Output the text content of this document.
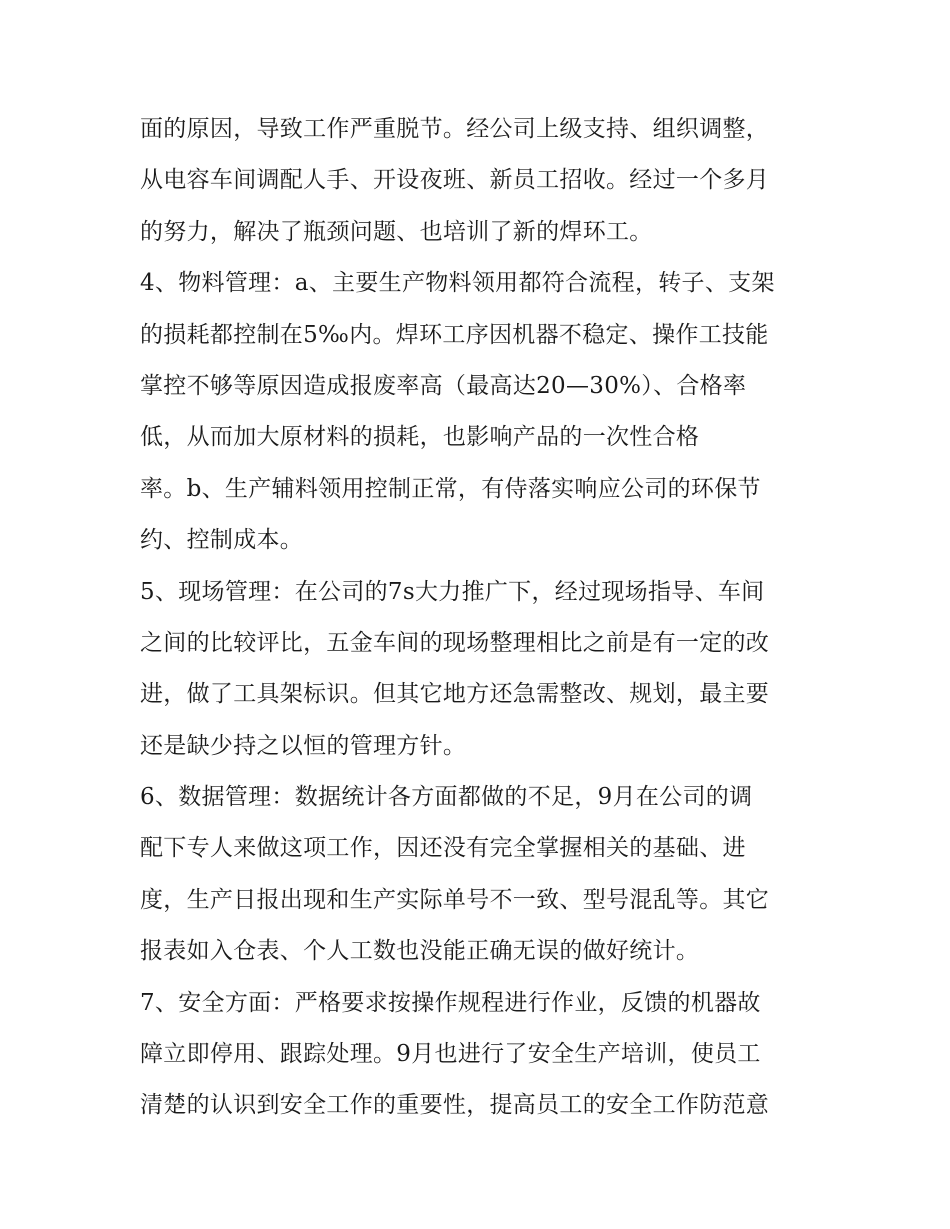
面的原因，导致工作严重脱节。经公司上级支持、组织调整，
从电容车间调配人手、开设夜班、新员工招收。经过一个多月
的努力，解决了瓶颈问题、也培训了新的焊环工。
4、物料管理：a、主要生产物料领用都符合流程，转子、支架
的损耗都控制在5‰内。焊环工序因机器不稳定、操作工技能
掌控不够等原因造成报废率高（最高达20—30%）、合格率
低，从而加大原材料的损耗，也影响产品的一次性合格
率。b、生产辅料领用控制正常，有侍落实响应公司的环保节
约、控制成本。
5、现场管理：在公司的7s大力推广下，经过现场指导、车间
之间的比较评比，五金车间的现场整理相比之前是有一定的改
进，做了工具架标识。但其它地方还急需整改、规划，最主要
还是缺少持之以恒的管理方针。
6、数据管理：数据统计各方面都做的不足，9月在公司的调
配下专人来做这项工作，因还没有完全掌握相关的基础、进
度，生产日报出现和生产实际单号不一致、型号混乱等。其它
报表如入仓表、个人工数也没能正确无误的做好统计。
7、安全方面：严格要求按操作规程进行作业，反馈的机器故
障立即停用、跟踪处理。9月也进行了安全生产培训，使员工
清楚的认识到安全工作的重要性，提高员工的安全工作防范意
